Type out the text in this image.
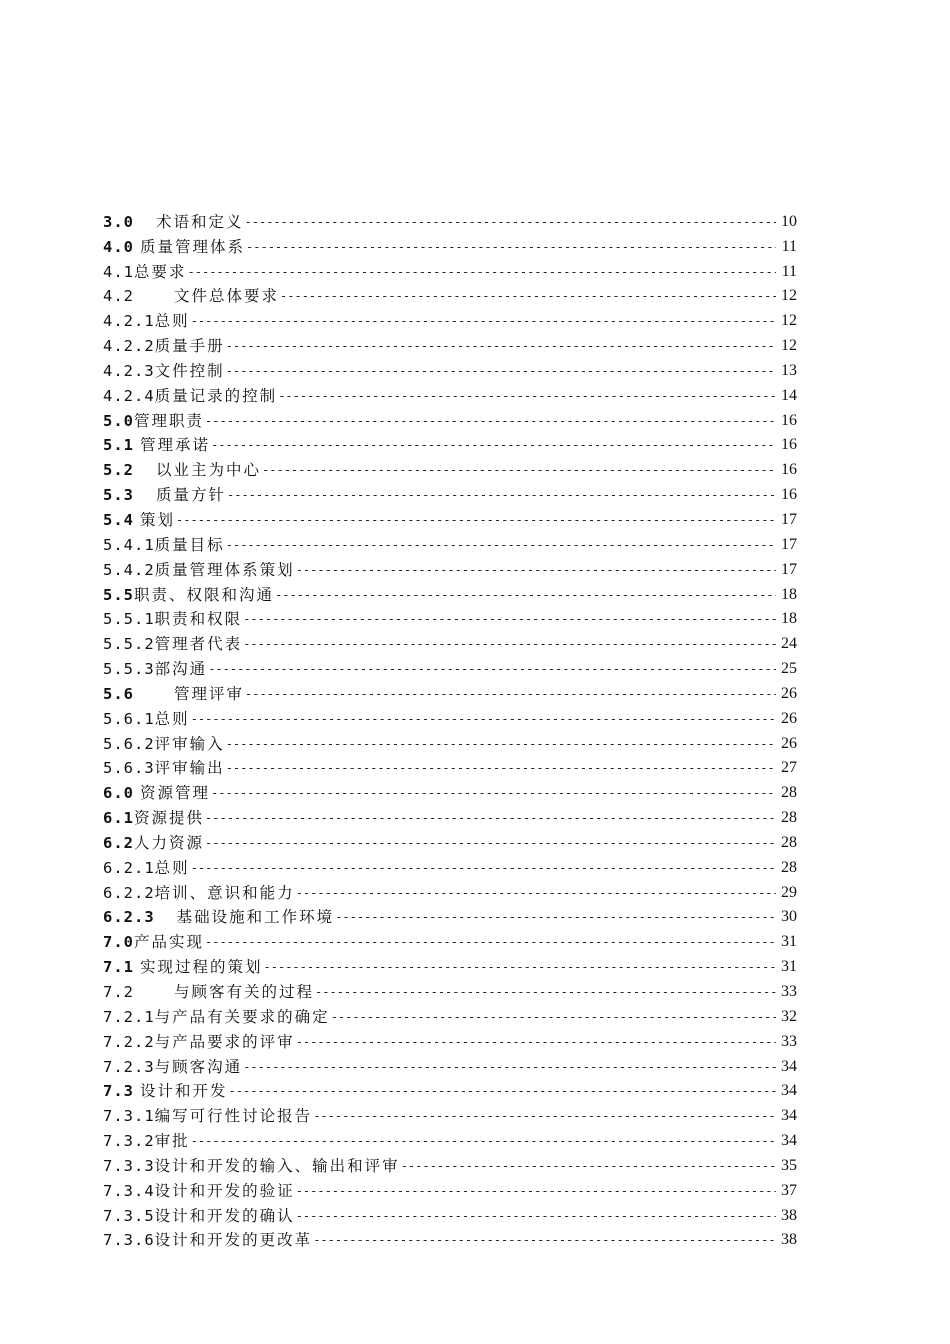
3.0	术语和定义 -----	10
4.0 质量管理体系 -----	11
4.1 总要求 -----	11
4.2	文件总体要求 -----	12
4.2.1 总则 -----	12
4.2.2 质量手册 -----	12
4.2.3 文件控制 -----	13
4.2.4 质量记录的控制 -----	14
5.0 管理职责 -----	16
5.1 管理承诺 -----	16
5.2	以业主为中心 -----	16
5.3	质量方针 -----	16
5.4 策划 -----	17
5.4.1 质量目标 -----	17
5.4.2 质量管理体系策划 -----	17
5.5 职责、权限和沟通 -----	18
5.5.1 职责和权限 -----	18
5.5.2 管理者代表 -----	24
5.5.3 部沟通 -----	25
5.6	管理评审 -----	26
5.6.1 总则 -----	26
5.6.2 评审输入 -----	26
5.6.3 评审输出 -----	27
6.0 资源管理 -----	28
6.1 资源提供 -----	28
6.2 人力资源 -----	28
6.2.1 总则 -----	28
6.2.2 培训、意识和能力 -----	29
6.2.3	基础设施和工作环境 -----	30
7.0 产品实现 -----	31
7.1 实现过程的策划 -----	31
7.2	与顾客有关的过程 -----	33
7.2.1 与产品有关要求的确定 -----	32
7.2.2 与产品要求的评审 -----	33
7.2.3 与顾客沟通 -----	34
7.3 设计和开发 -----	34
7.3.1 编写可行性讨论报告 -----	34
7.3.2 审批 -----	34
7.3.3 设计和开发的输入、输出和评审 -----	35
7.3.4 设计和开发的验证 -----	37
7.3.5 设计和开发的确认 -----	38
7.3.6 设计和开发的更改革 -----	38
